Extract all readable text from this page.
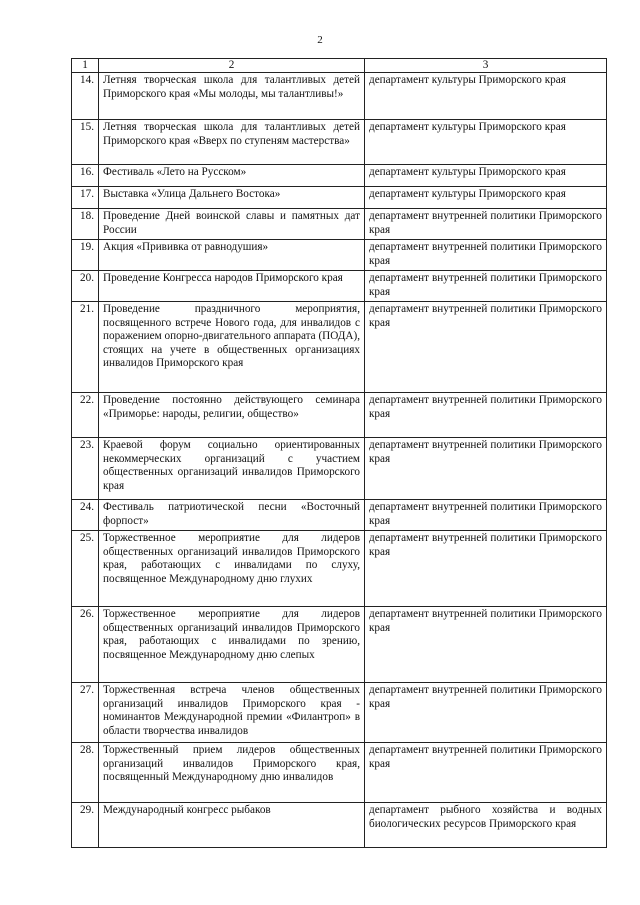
2
1	2	3
14.	Летняя творческая школа для талантливых детей Приморского края «Мы молоды, мы талантливы!»	департамент культуры Приморского края
15.	Летняя творческая школа для талантливых детей Приморского края «Вверх по ступеням мастерства»	департамент культуры Приморского края
16.	Фестиваль «Лето на Русском»	департамент культуры Приморского края
17.	Выставка «Улица Дальнего Востока»	департамент культуры Приморского края
18.	Проведение Дней воинской славы и памятных дат России	департамент внутренней политики Приморского края
19.	Акция «Прививка от равнодушия»	департамент внутренней политики Приморского края
20.	Проведение Конгресса народов Приморского края	департамент внутренней политики Приморского края
21.	Проведение праздничного мероприятия, посвященного встрече Нового года, для инвалидов с поражением опорно-двигательного аппарата (ПОДА), стоящих на учете в общественных организациях инвалидов Приморского края	департамент внутренней политики Приморского края
22.	Проведение постоянно действующего семинара «Приморье: народы, религии, общество»	департамент внутренней политики Приморского края
23.	Краевой форум социально ориентированных некоммерческих организаций с участием общественных организаций инвалидов Приморского края	департамент внутренней политики Приморского края
24.	Фестиваль патриотической песни «Восточный форпост»	департамент внутренней политики Приморского края
25.	Торжественное мероприятие для лидеров общественных организаций инвалидов Приморского края, работающих с инвалидами по слуху, посвященное Международному дню глухих	департамент внутренней политики Приморского края
26.	Торжественное мероприятие для лидеров общественных организаций инвалидов Приморского края, работающих с инвалидами по зрению, посвященное Международному дню слепых	департамент внутренней политики Приморского края
27.	Торжественная встреча членов общественных организаций инвалидов Приморского края - номинантов Международной премии «Филантроп» в области творчества инвалидов	департамент внутренней политики Приморского края
28.	Торжественный прием лидеров общественных организаций инвалидов Приморского края, посвященный Международному дню инвалидов	департамент внутренней политики Приморского края
29.	Международный конгресс рыбаков	департамент рыбного хозяйства и водных биологических ресурсов Приморского края
